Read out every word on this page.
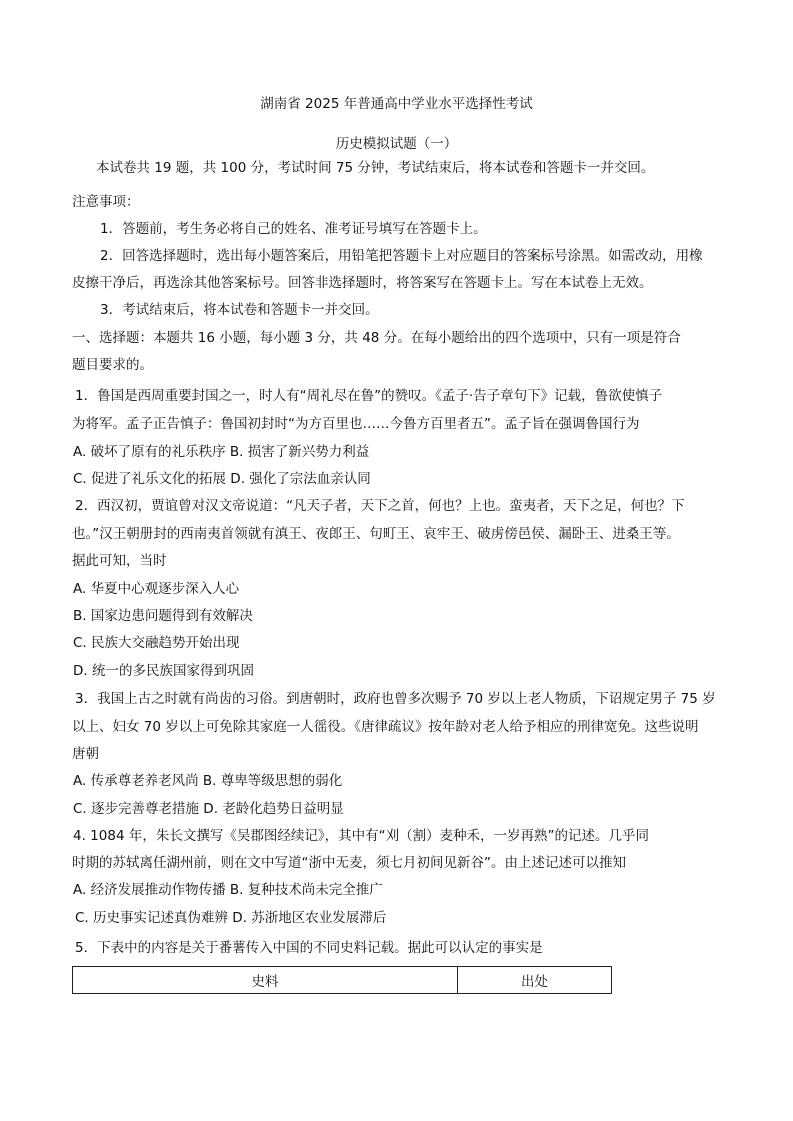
湖南省 2025 年普通高中学业水平选择性考试
历史模拟试题（一）
本试卷共 19 题，共 100 分，考试时间 75 分钟，考试结束后，将本试卷和答题卡一并交回。
注意事项：
1．答题前，考生务必将自己的姓名、准考证号填写在答题卡上。
2．回答选择题时，选出每小题答案后，用铅笔把答题卡上对应题目的答案标号涂黑。如需改动，用橡
皮擦干净后，再选涂其他答案标号。回答非选择题时，将答案写在答题卡上。写在本试卷上无效。
3．考试结束后，将本试卷和答题卡一并交回。
一、选择题：本题共 16 小题，每小题 3 分，共 48 分。在每小题给出的四个选项中，只有一项是符合
题目要求的。
1．鲁国是西周重要封国之一，时人有“周礼尽在鲁”的赞叹。《孟子·告子章句下》记载，鲁欲使慎子
为将军。孟子正告慎子：鲁国初封时“为方百里也……今鲁方百里者五”。孟子旨在强调鲁国行为
A. 破坏了原有的礼乐秩序 B. 损害了新兴势力利益
C. 促进了礼乐文化的拓展 D. 强化了宗法血亲认同
2．西汉初，贾谊曾对汉文帝说道：“凡天子者，天下之首，何也？上也。蛮夷者，天下之足，何也？下
也。”汉王朝册封的西南夷首领就有滇王、夜郎王、句町王、哀牢王、破虏傍邑侯、漏卧王、进桑王等。
据此可知，当时
A. 华夏中心观逐步深入人心
B. 国家边患问题得到有效解决
C. 民族大交融趋势开始出现
D. 统一的多民族国家得到巩固
3．我国上古之时就有尚齿的习俗。到唐朝时，政府也曾多次赐予 70 岁以上老人物质，下诏规定男子 75 岁
以上、妇女 70 岁以上可免除其家庭一人徭役。《唐律疏议》按年龄对老人给予相应的刑律宽免。这些说明
唐朝
A. 传承尊老养老风尚 B. 尊卑等级思想的弱化
C. 逐步完善尊老措施 D. 老龄化趋势日益明显
4. 1084 年，朱长文撰写《吴郡图经续记》，其中有“刈（割）麦种禾，一岁再熟”的记述。几乎同
时期的苏轼离任湖州前，则在文中写道“浙中无麦，须七月初间见新谷”。由上述记述可以推知
A. 经济发展推动作物传播 B. 复种技术尚未完全推广
C. 历史事实记述真伪难辨 D. 苏浙地区农业发展滞后
5．下表中的内容是关于番薯传入中国的不同史料记载。据此可以认定的事实是
史料	出处
